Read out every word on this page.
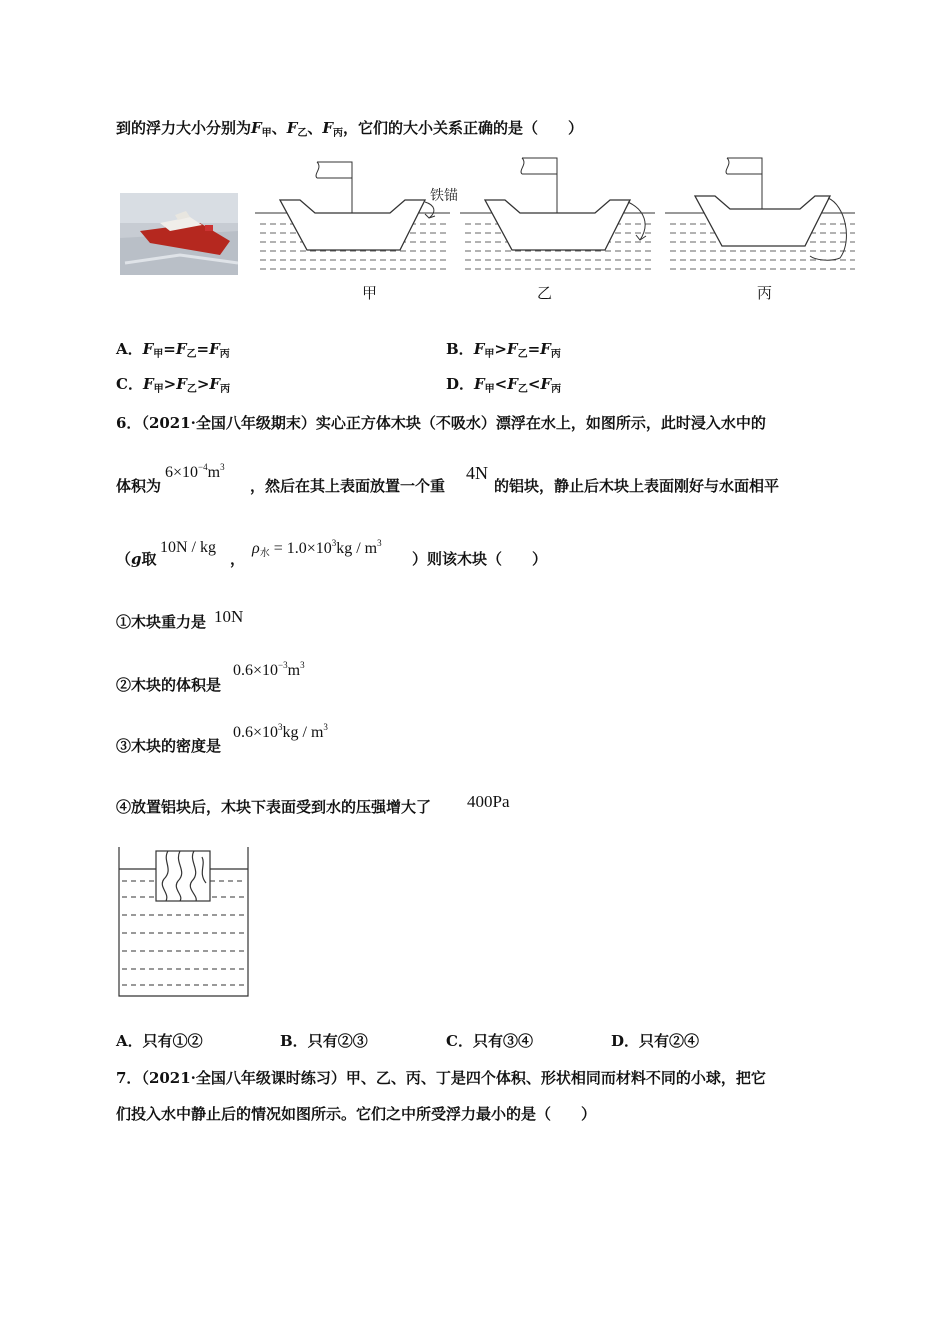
到的浮力大小分别为$F_甲$、$F_乙$、$F_丙$，它们的大小关系正确的是（　　）
铁锚
甲	乙	丙
A．$F_甲=F_乙=F_丙$	B．$F_甲>F_乙=F_丙$
C．$F_甲>F_乙>F_丙$	D．$F_甲<F_乙<F_丙$
6．（2021·全国八年级期末）实心正方体木块（不吸水）漂浮在水上，如图所示，此时浸入水中的
体积为
$6\times 10^{-4}m^3$
，然后在其上表面放置一个重
4N
的铝块，静止后木块上表面刚好与水面相平
（g取
10N / kg
，
$\rho_水 = 1.0\times 10^3kg / m^3$
）则该木块（　　）
①木块重力是 10N
②木块的体积是
$0.6\times 10^{-3}m^3$
③木块的密度是
$0.6\times 10^3kg / m^3$
④放置铝块后，木块下表面受到水的压强增大了 400Pa
A．只有①②	B．只有②③	C．只有③④	D．只有②④
7．（2021·全国八年级课时练习）甲、乙、丙、丁是四个体积、形状相同而材料不同的小球，把它
们投入水中静止后的情况如图所示。它们之中所受浮力最小的是（　　）
